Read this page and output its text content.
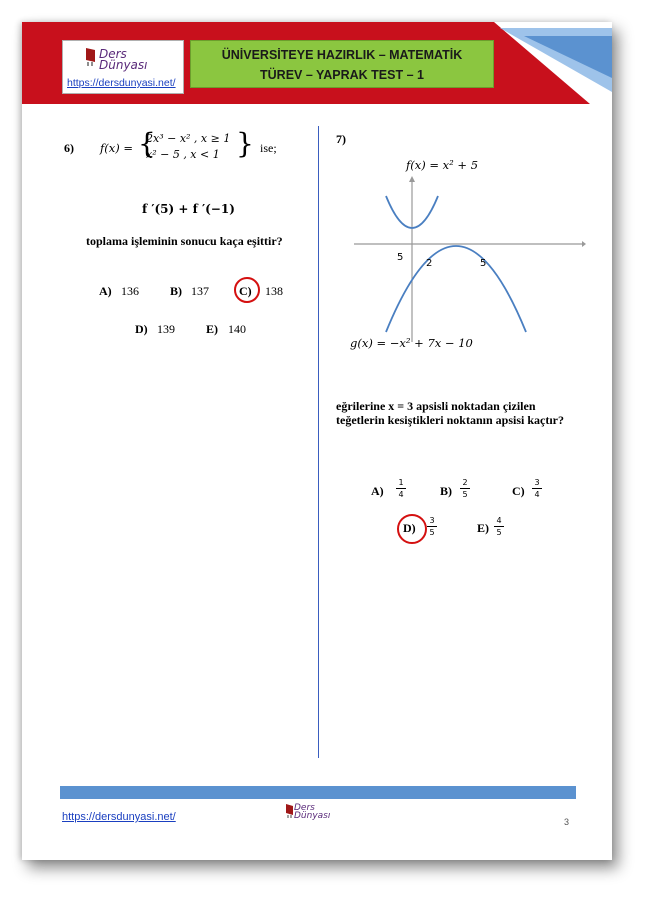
Ders
Dünyası
https://dersdunyasi.net/
ÜNİVERSİTEYE HAZIRLIK – MATEMATİK
TÜREV – YAPRAK TEST – 1
6) f(x) = {
2x³ − x² , x ≥ 1
x² − 5 , x < 1 } ise;
f ′(5) + f ′(−1)
toplama işleminin sonucu kaça eşittir?
A) 136	B) 137	C) 138
D) 139	E) 140
7)
f(x) = x² + 5
5
2	5
g(x) = −x² + 7x − 10
eğrilerine x = 3 apsisli noktadan çizilen
teğetlerin kesiştikleri noktanın apsisi kaçtır?
A)
1
4	B)
2
5	C)
3
4
D)
3
5	E)
4
5
https://dersdunyasi.net/
Ders
Dünyası
3
